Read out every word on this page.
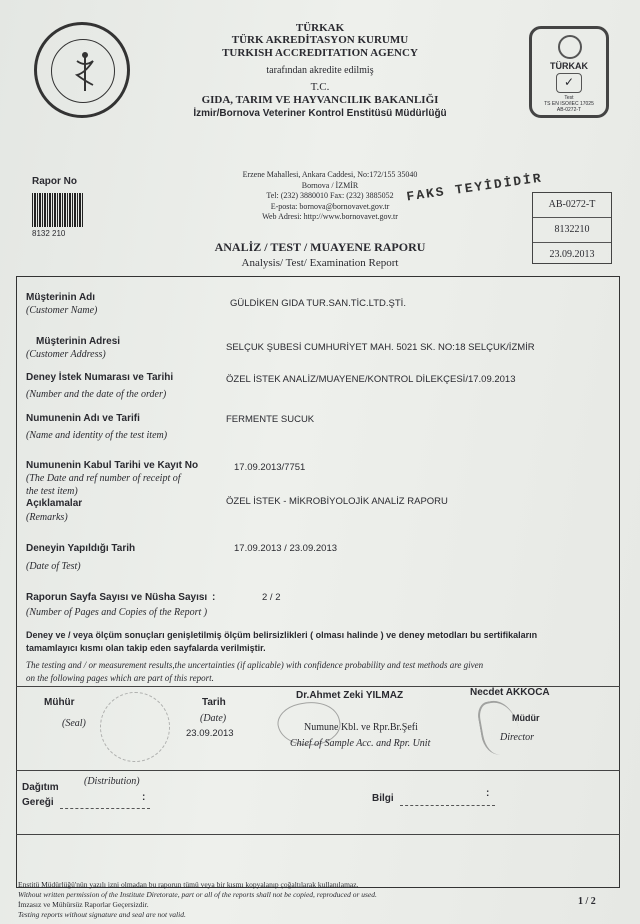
TÜRKAK
TÜRK AKREDİTASYON KURUMU
TURKISH ACCREDITATION AGENCY
tarafından akredite edilmiş
T.C.
GIDA, TARIM VE HAYVANCILIK BAKANLIĞI
İzmir/Bornova Veteriner Kontrol Enstitüsü Müdürlüğü
TÜRKAK
✓
Test
TS EN ISO/IEC 17025
AB-0272-T
Rapor No
8132 210
Erzene Mahallesi, Ankara Caddesi, No:172/155 35040
Bornova / İZMİR
Tel: (232) 3880010 Fax: (232) 3885052
E-posta: bornova@bornovavet.gov.tr
Web Adresi: http://www.bornovavet.gov.tr
FAKS TEYİDİDİR
AB-0272-T
8132210
23.09.2013
ANALİZ / TEST / MUAYENE RAPORU
Analysis/ Test/ Examination Report
Müşterinin Adı
(Customer Name)
GÜLDİKEN GIDA TUR.SAN.TİC.LTD.ŞTİ.
Müşterinin Adresi
(Customer Address)
SELÇUK ŞUBESİ CUMHURİYET MAH. 5021 SK. NO:18 SELÇUK/İZMİR
Deney İstek Numarası ve Tarihi
(Number and the date of the order)
ÖZEL İSTEK ANALİZ/MUAYENE/KONTROL DİLEKÇESİ/17.09.2013
Numunenin Adı ve Tarifi
(Name and identity of the test item)
FERMENTE SUCUK
Numunenin Kabul Tarihi ve Kayıt No
(The Date and ref number of receipt of
the test item)
17.09.2013/7751
Açıklamalar
(Remarks)
ÖZEL İSTEK - MİKROBİYOLOJİK ANALİZ RAPORU
Deneyin Yapıldığı Tarih
(Date of Test)
17.09.2013 / 23.09.2013
Raporun Sayfa Sayısı ve Nüsha Sayısı :
(Number of Pages and Copies of the Report )
2 / 2
Deney ve / veya ölçüm sonuçları genişletilmiş ölçüm belirsizlikleri ( olması halinde ) ve deney metodları bu sertifikaların
tamamlayıcı kısmı olan takip eden sayfalarda verilmiştir.
The testing and / or measurement results,the uncertainties (if aplicable) with confidence probability and test methods are given
on the following pages which are part of this report.
Mühür
(Seal)
Tarih
(Date)
23.09.2013
Dr.Ahmet Zeki YILMAZ
Numune Kbl. ve Rpr.Br.Şefi
Chief of Sample Acc. and Rpr. Unit
Necdet AKKOCA
Müdür
Director
Dağıtım
(Distribution)
Gereği	:	Bilgi	:
Enstitü Müdürlüğü'nün yazılı izni olmadan bu raporun tümü veya bir kısmı kopyalanıp çoğaltılarak kullanılamaz.
Without written permission of the Institute Diretorate, part or all of the reports shall not be copied, reproduced or used.
İmzasız ve Mühürsüz Raporlar Geçersizdir.
Testing reports without signature and seal are not valid.
1 / 2
